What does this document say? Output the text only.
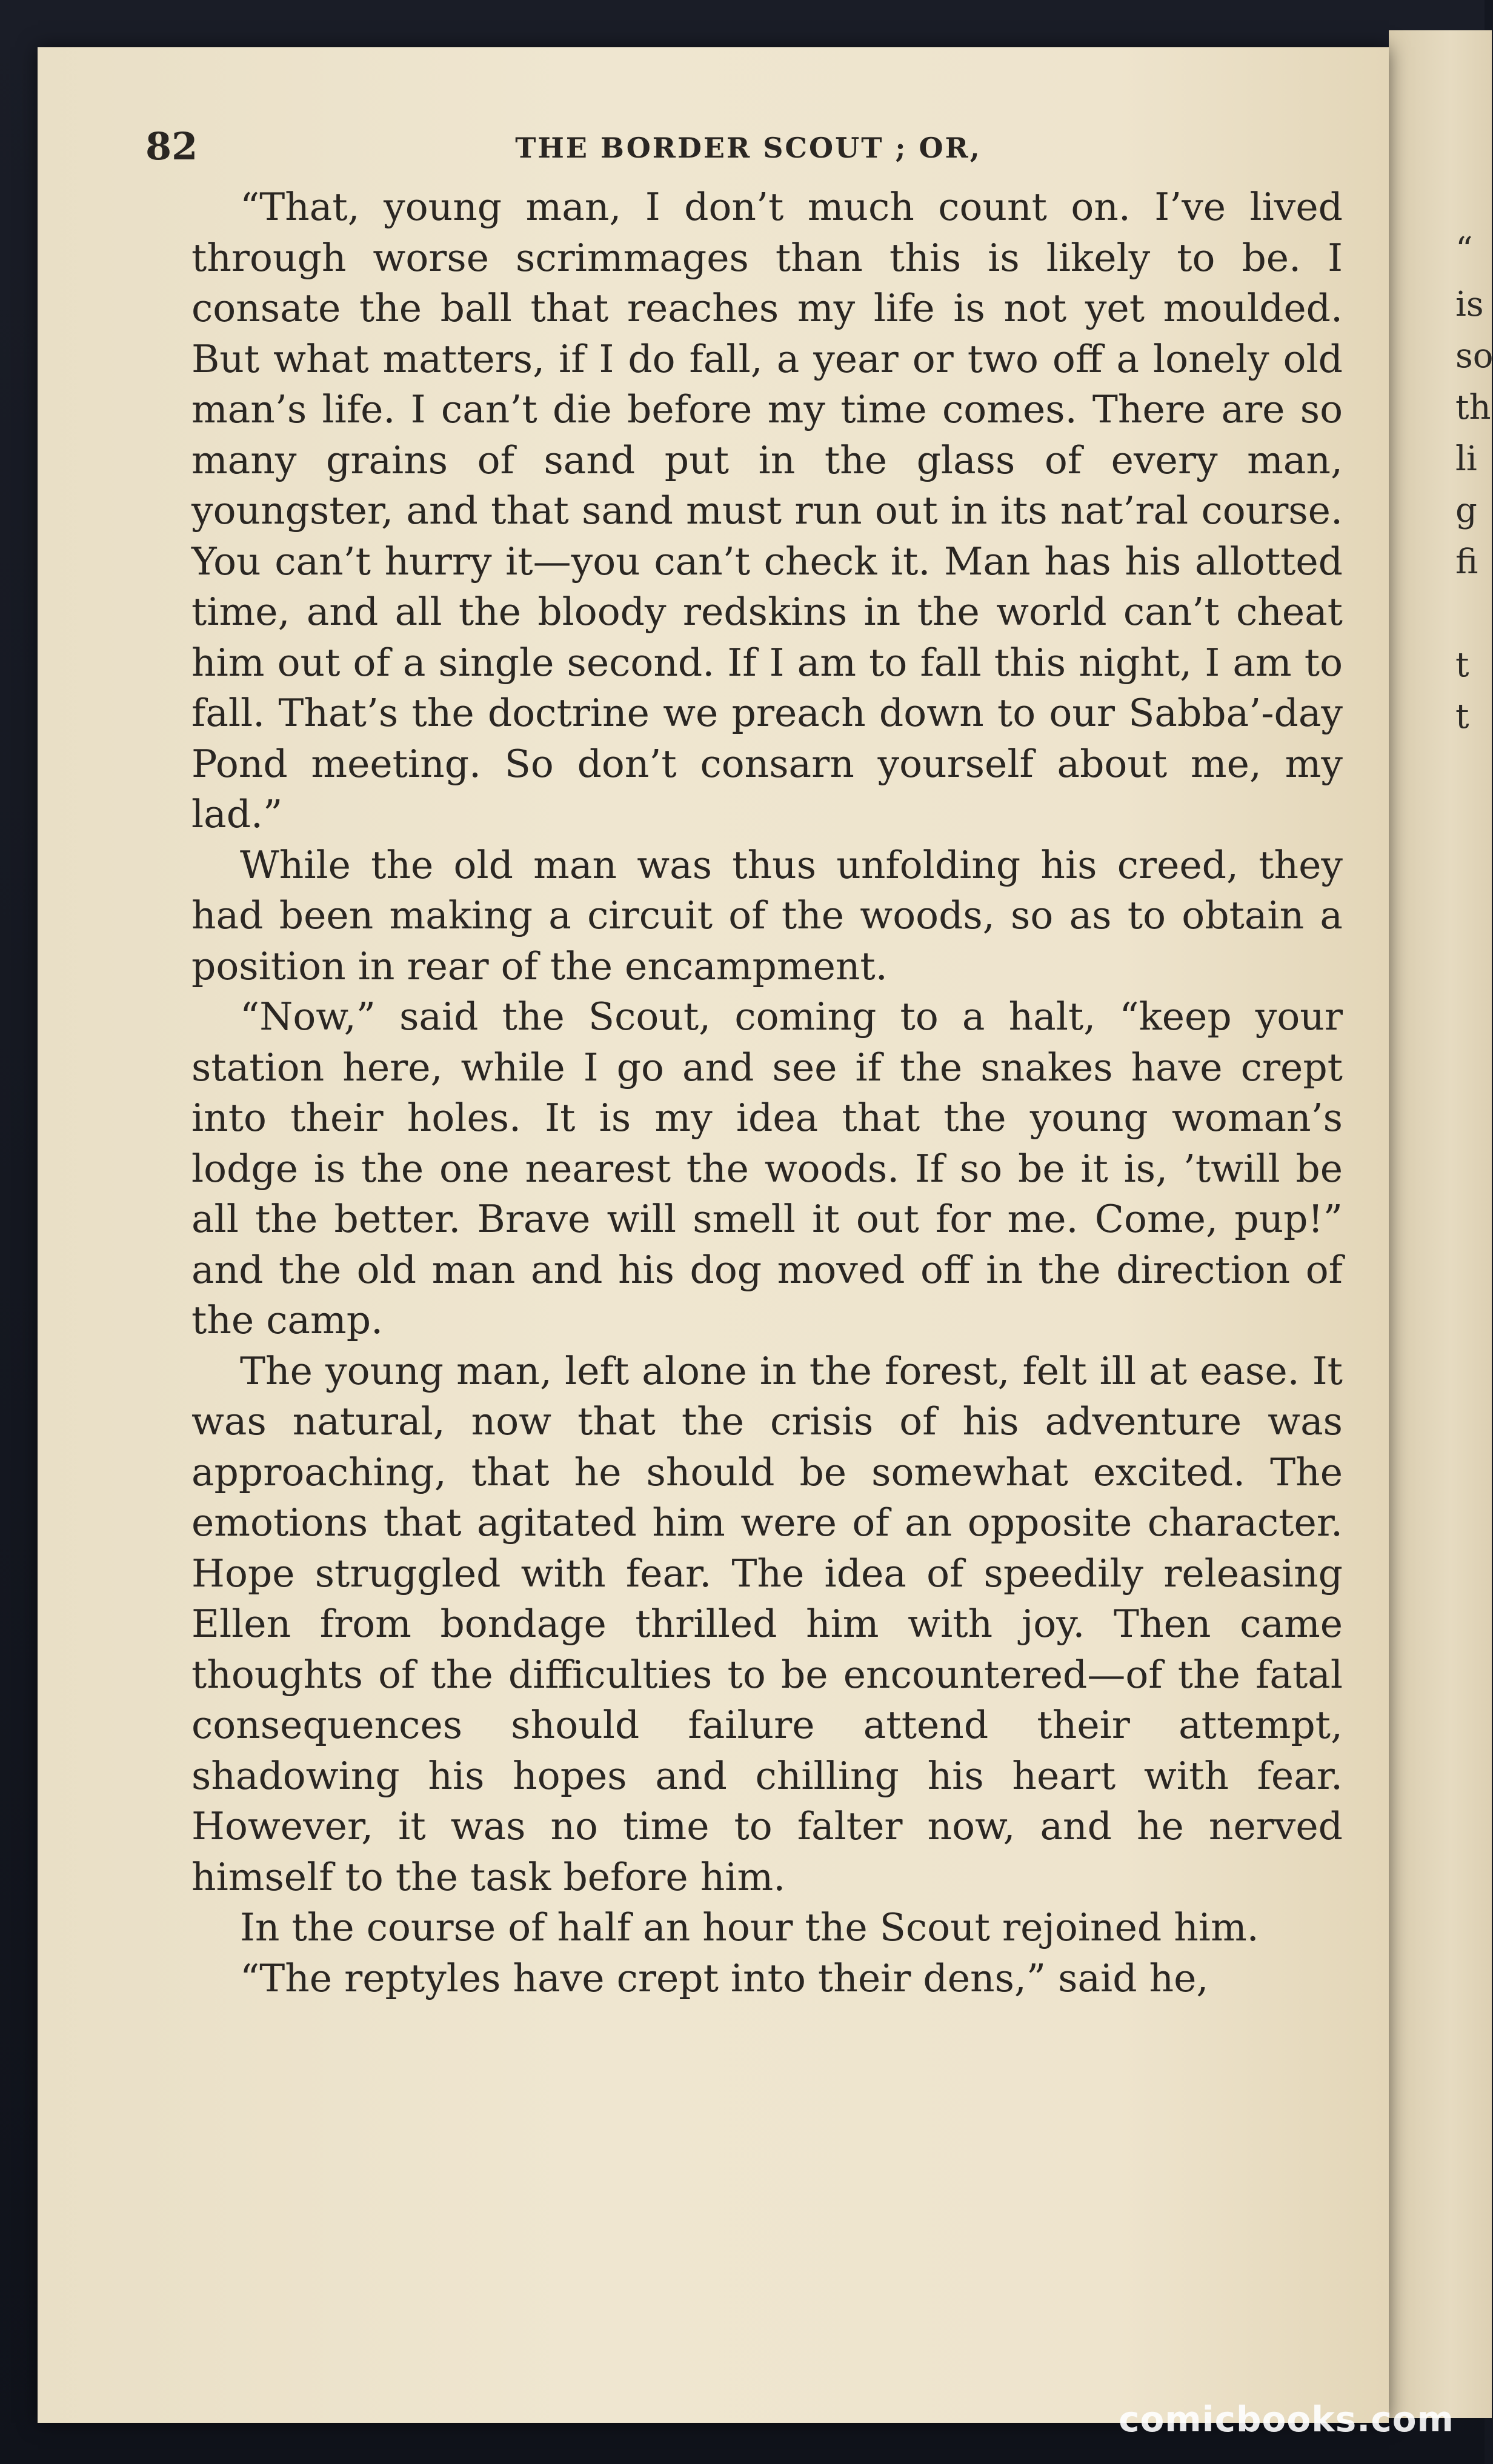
“
is
so
th
li
g
fi
t
t
82	THE BORDER SCOUT ; OR,

“That, young man, I don’t much count on. I’ve lived through worse scrimmages than this is likely to be. I consate the ball that reaches my life is not yet moulded. But what matters, if I do fall, a year or two off a lonely old man’s life. I can’t die before my time comes. There are so many grains of sand put in the glass of every man, youngster, and that sand must run out in its nat’ral course. You can’t hurry it—you can’t check it. Man has his allotted time, and all the bloody redskins in the world can’t cheat him out of a single second. If I am to fall this night, I am to fall. That’s the doctrine we preach down to our Sabba’-day Pond meeting. So don’t consarn yourself about me, my lad.”

While the old man was thus unfolding his creed, they had been making a circuit of the woods, so as to obtain a position in rear of the encampment.

“Now,” said the Scout, coming to a halt, “keep your station here, while I go and see if the snakes have crept into their holes. It is my idea that the young woman’s lodge is the one nearest the woods. If so be it is, ’twill be all the better. Brave will smell it out for me. Come, pup!” and the old man and his dog moved off in the direction of the camp.

The young man, left alone in the forest, felt ill at ease. It was natural, now that the crisis of his adventure was approaching, that he should be somewhat excited. The emotions that agitated him were of an opposite character. Hope struggled with fear. The idea of speedily releasing Ellen from bondage thrilled him with joy. Then came thoughts of the difficulties to be encountered—of the fatal consequences should failure attend their attempt, shadowing his hopes and chilling his heart with fear. However, it was no time to falter now, and he nerved himself to the task before him.

In the course of half an hour the Scout rejoined him.

“The reptyles have crept into their dens,” said he,

comicbooks.com
